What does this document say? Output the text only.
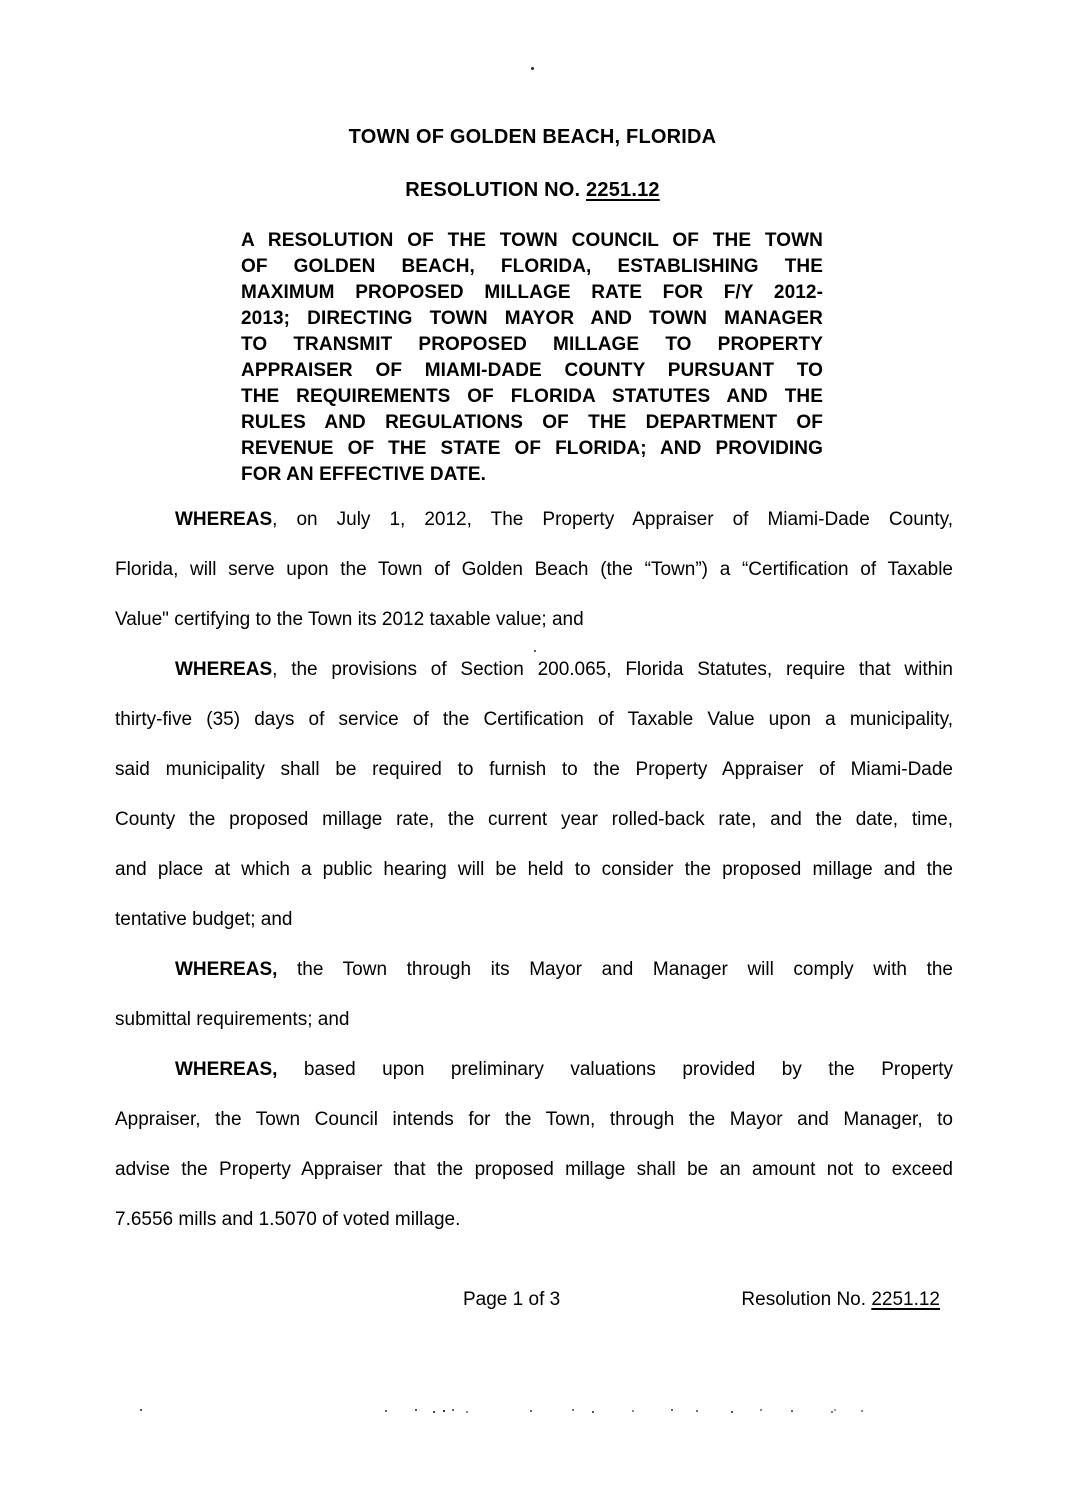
TOWN OF GOLDEN BEACH, FLORIDA
RESOLUTION NO. 2251.12
A RESOLUTION OF THE TOWN COUNCIL OF THE TOWN
OF GOLDEN BEACH, FLORIDA, ESTABLISHING THE
MAXIMUM PROPOSED MILLAGE RATE FOR F/Y 2012-
2013; DIRECTING TOWN MAYOR AND TOWN MANAGER
TO TRANSMIT PROPOSED MILLAGE TO PROPERTY
APPRAISER OF MIAMI-DADE COUNTY PURSUANT TO
THE REQUIREMENTS OF FLORIDA STATUTES AND THE
RULES AND REGULATIONS OF THE DEPARTMENT OF
REVENUE OF THE STATE OF FLORIDA; AND PROVIDING
FOR AN EFFECTIVE DATE.
WHEREAS, on July 1, 2012, The Property Appraiser of Miami-Dade County,
Florida, will serve upon the Town of Golden Beach (the “Town”) a “Certification of Taxable
Value" certifying to the Town its 2012 taxable value; and
WHEREAS, the provisions of Section 200.065, Florida Statutes, require that within
thirty-five (35) days of service of the Certification of Taxable Value upon a municipality,
said municipality shall be required to furnish to the Property Appraiser of Miami-Dade
County the proposed millage rate, the current year rolled-back rate, and the date, time,
and place at which a public hearing will be held to consider the proposed millage and the
tentative budget; and
WHEREAS, the Town through its Mayor and Manager will comply with the
submittal requirements; and
WHEREAS, based upon preliminary valuations provided by the Property
Appraiser, the Town Council intends for the Town, through the Mayor and Manager, to
advise the Property Appraiser that the proposed millage shall be an amount not to exceed
7.6556 mills and 1.5070 of voted millage.
Page 1 of 3	Resolution No. 2251.12
